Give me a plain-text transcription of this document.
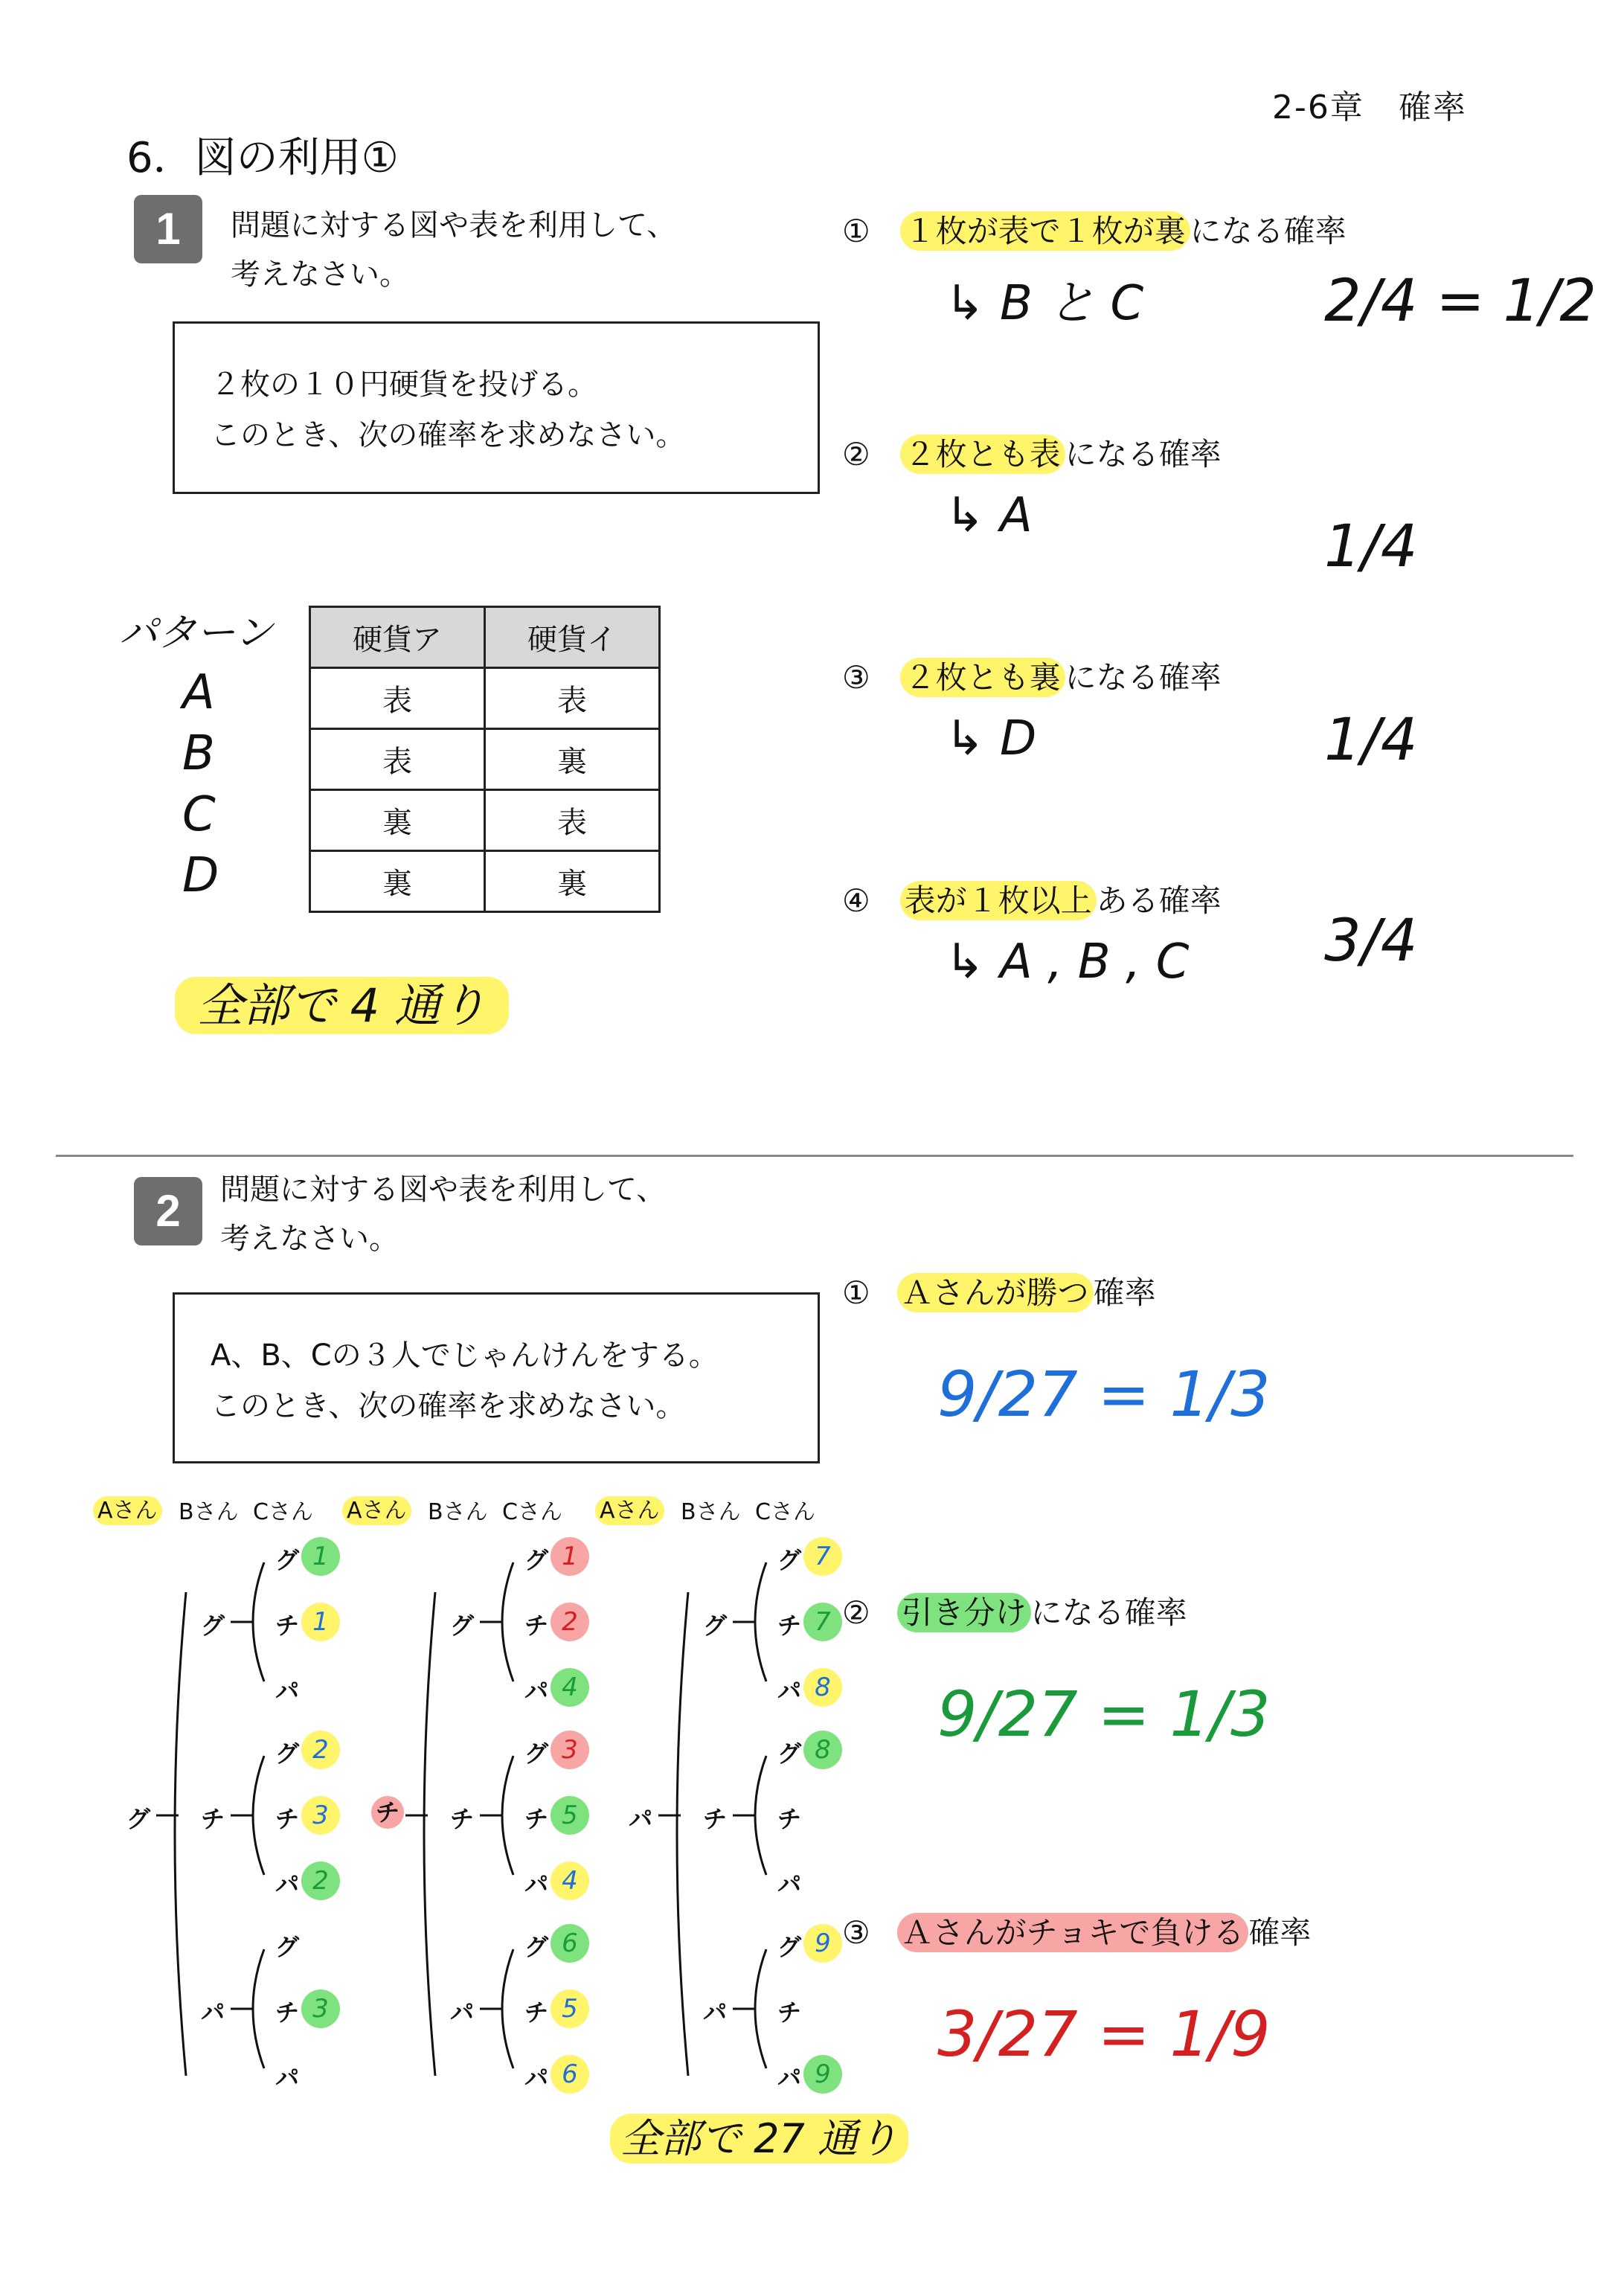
2-6章　確率
6．図の利用①
1	問題に対する図や表を利用して、
考えなさい。
２枚の１０円硬貨を投げる。
このとき、次の確率を求めなさい。
パターン
A
B
C
D
硬貨ア	硬貨イ
表	表
表	裏
裏	表
裏	裏
全部で 4 通り
① １枚が表で１枚が裏 になる確率
↳ B と C	2/4 = 1/2
② ２枚とも表 になる確率
↳ A	1/4
③ ２枚とも裏 になる確率
↳ D	1/4
④ 表が１枚以上 ある確率
↳ A , B , C 3/4
2	問題に対する図や表を利用して、
考えなさい。
A、B、Cの３人でじゃんけんをする。
このとき、次の確率を求めなさい。
Aさん Bさん Cさん
グ
グ
グ 1
チ 1
パ
チ
グ 2
チ 3
パ 2
パ
グ
チ 3
パ
Aさん Bさん Cさん
チ
グ
グ 1
チ 2
パ 4
チ
グ 3
チ 5
パ 4
パ
グ 6
チ 5
パ 6
Aさん Bさん Cさん
パ
グ
グ 7
チ 7
パ 8
チ
グ 8
チ
パ
パ
グ 9
チ
パ 9
全部で 27 通り
① Ａさんが勝つ 確率
9/27 = 1/3
② 引き分け になる確率
9/27 = 1/3
③ Ａさんがチョキで負ける 確率
3/27 = 1/9
